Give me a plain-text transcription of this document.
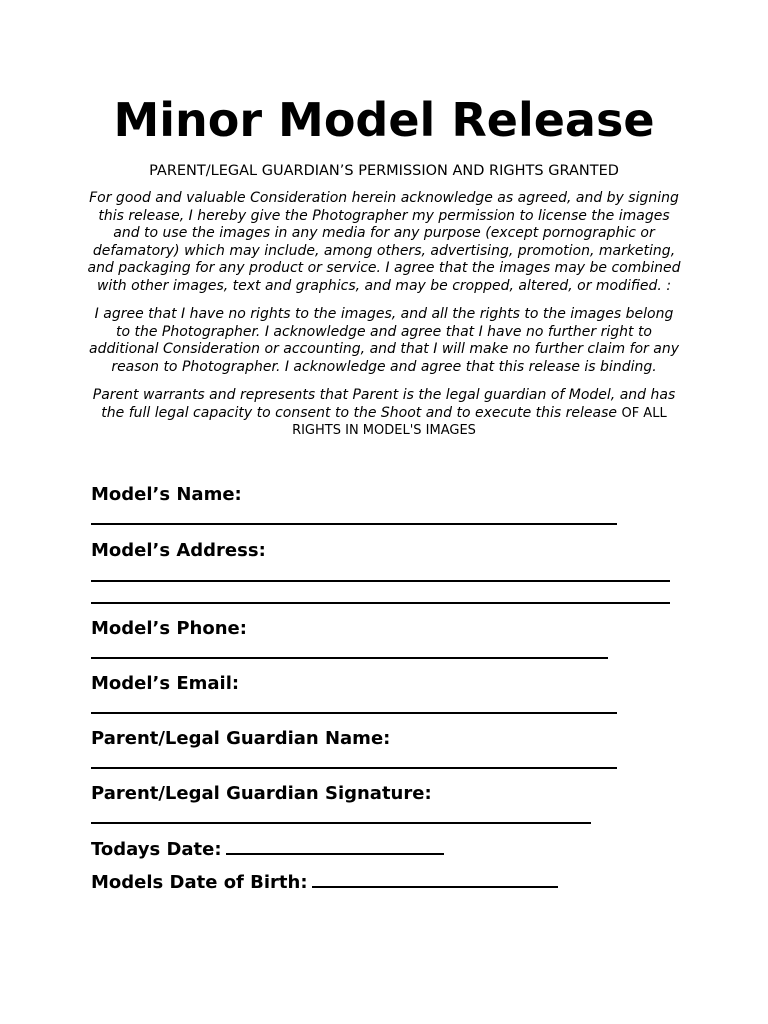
Minor Model Release

PARENT/LEGAL GUARDIAN’S PERMISSION AND RIGHTS GRANTED

For good and valuable Consideration herein acknowledge as agreed, and by signing this release, I hereby give the Photographer my permission to license the images and to use the images in any media for any purpose (except pornographic or defamatory) which may include, among others, advertising, promotion, marketing, and packaging for any product or service. I agree that the images may be combined with other images, text and graphics, and may be cropped, altered, or modified. :

I agree that I have no rights to the images, and all the rights to the images belong to the Photographer. I acknowledge and agree that I have no further right to additional Consideration or accounting, and that I will make no further claim for any reason to Photographer. I acknowledge and agree that this release is binding.

Parent warrants and represents that Parent is the legal guardian of Model, and has the full legal capacity to consent to the Shoot and to execute this release OF ALL RIGHTS IN MODEL'S IMAGES

Model’s Name:
Model’s Address:
Model’s Phone:
Model’s Email:
Parent/Legal Guardian Name:
Parent/Legal Guardian Signature:
Todays Date:
Models Date of Birth:
